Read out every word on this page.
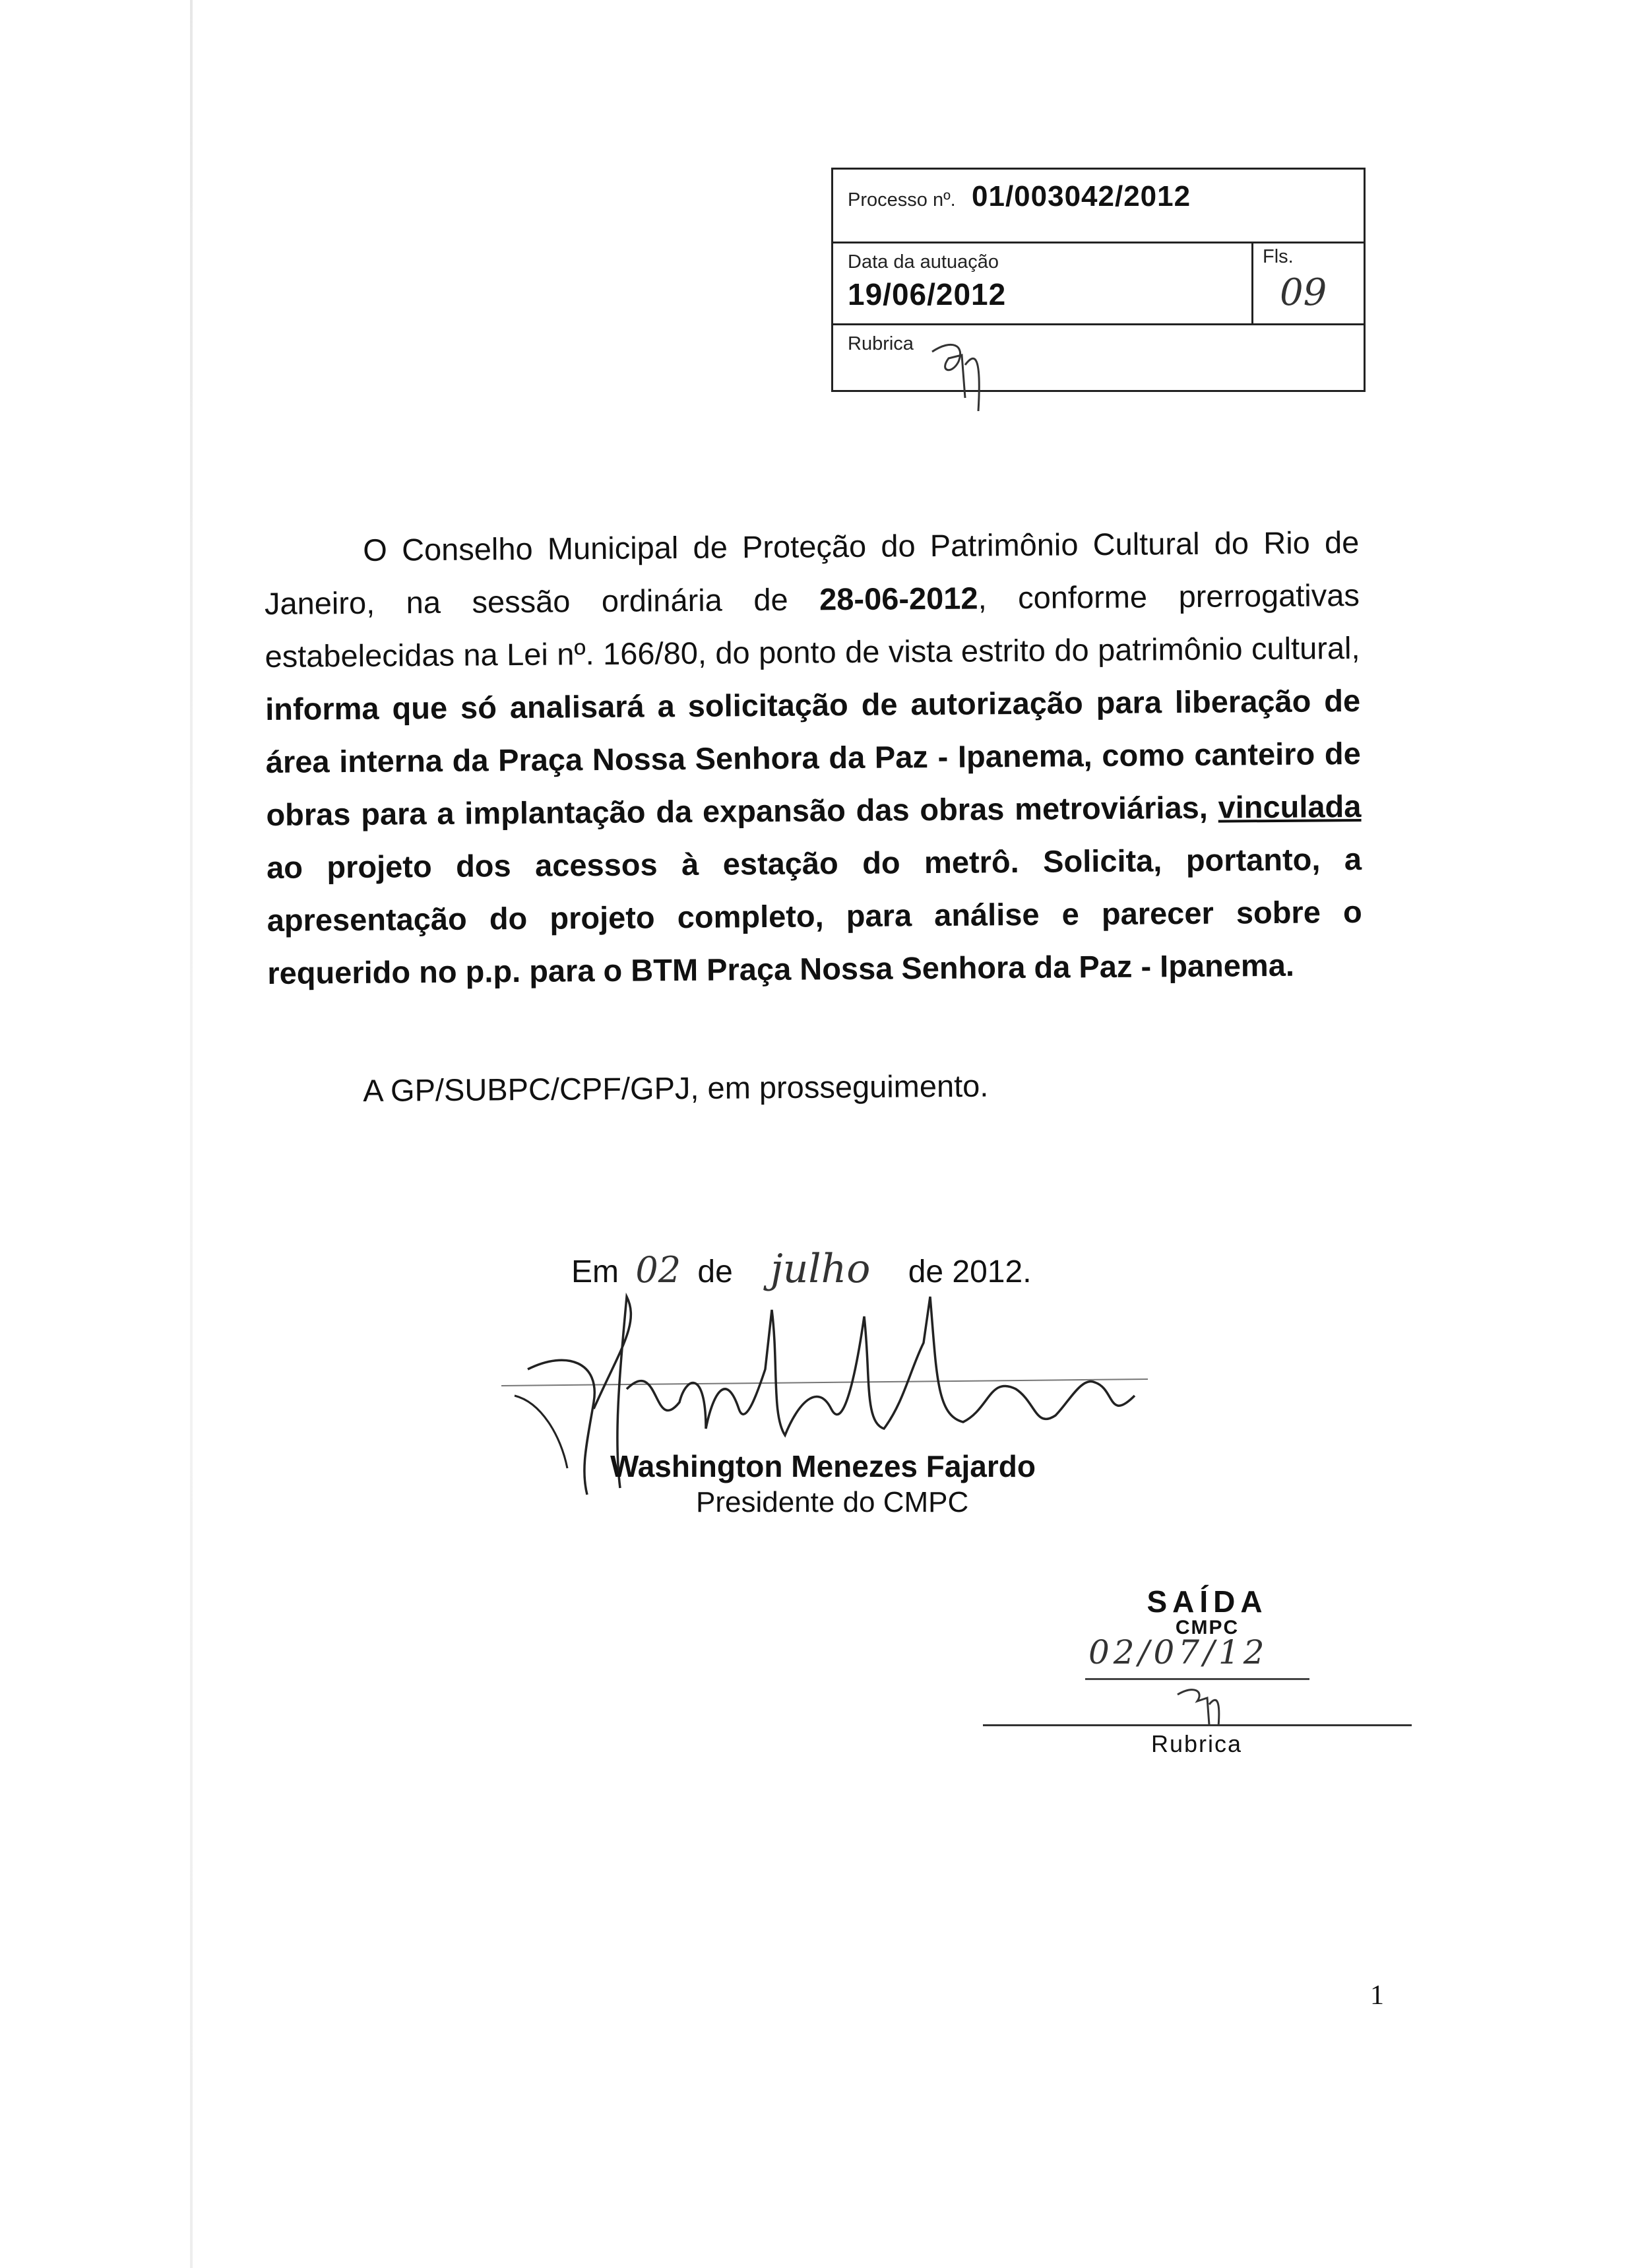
Processo nº. 01/003042/2012
Data da autuação
19/06/2012
Fls.
09
Rubrica

O Conselho Municipal de Proteção do Patrimônio Cultural do Rio de Janeiro, na sessão ordinária de 28-06-2012, conforme prerrogativas estabelecidas na Lei nº. 166/80, do ponto de vista estrito do patrimônio cultural, informa que só analisará a solicitação de autorização para liberação de área interna da Praça Nossa Senhora da Paz - Ipanema, como canteiro de obras para a implantação da expansão das obras metroviárias, vinculada ao projeto dos acessos à estação do metrô. Solicita, portanto, a apresentação do projeto completo, para análise e parecer sobre o requerido no p.p. para o BTM Praça Nossa Senhora da Paz - Ipanema.

A GP/SUBPC/CPF/GPJ, em prosseguimento.
Em 02 de julho de 2012.
Washington Menezes Fajardo
Presidente do CMPC
SAÍDA
CMPC
02/07/12
Rubrica
1
